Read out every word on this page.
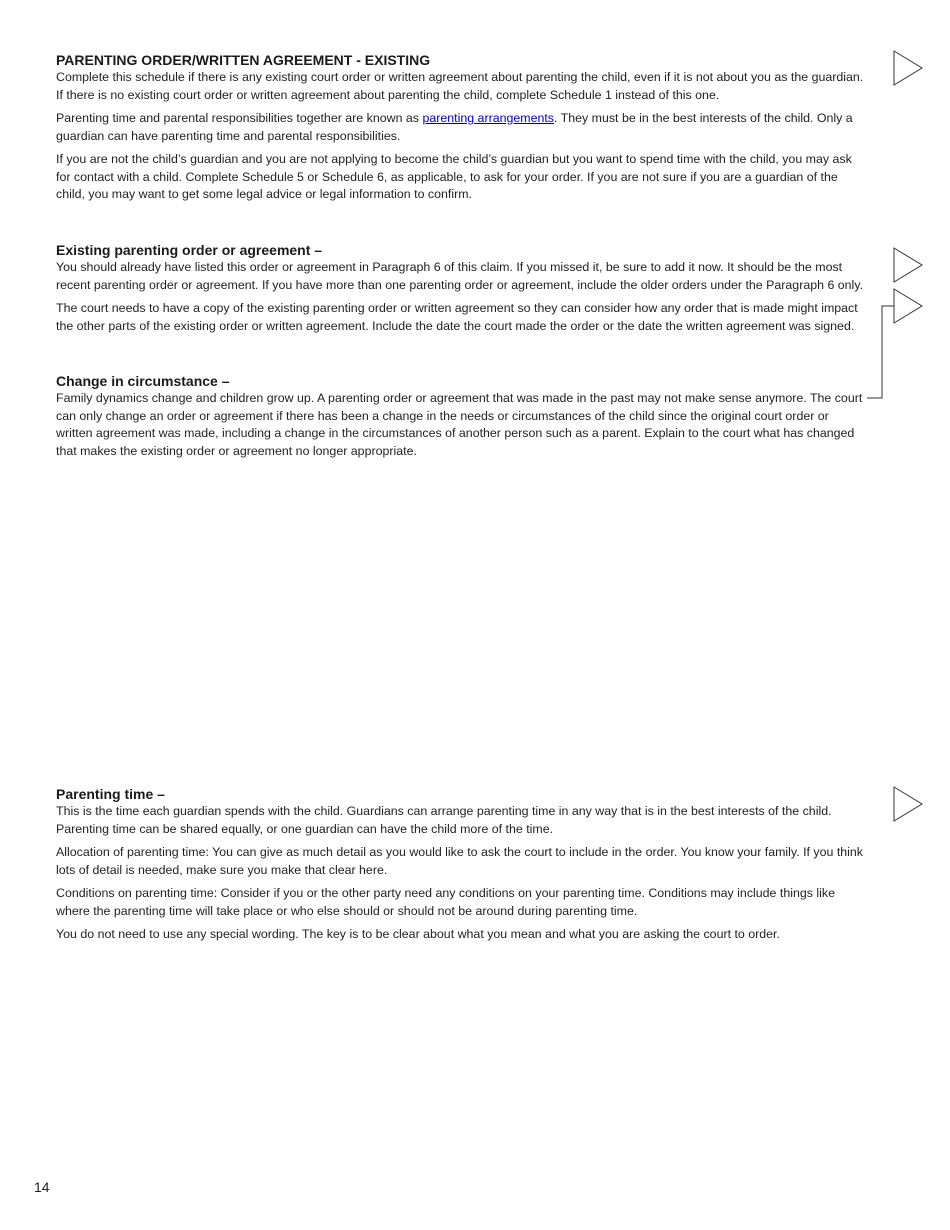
PARENTING ORDER/WRITTEN AGREEMENT - EXISTING

Complete this schedule if there is any existing court order or written agreement about parenting the child, even if it is not about you as the guardian. If there is no existing court order or written agreement about parenting the child, complete Schedule 1 instead of this one.

Parenting time and parental responsibilities together are known as parenting arrangements. They must be in the best interests of the child. Only a guardian can have parenting time and parental responsibilities.

If you are not the child’s guardian and you are not applying to become the child’s guardian but you want to spend time with the child, you may ask for contact with a child. Complete Schedule 5 or Schedule 6, as applicable, to ask for your order. If you are not sure if you are a guardian of the child, you may want to get some legal advice or legal information to confirm.

Existing parenting order or agreement –

You should already have listed this order or agreement in Paragraph 6 of this claim. If you missed it, be sure to add it now. It should be the most recent parenting order or agreement. If you have more than one parenting order or agreement, include the older orders under the Paragraph 6 only.

The court needs to have a copy of the existing parenting order or written agreement so they can consider how any order that is made might impact the other parts of the existing order or written agreement. Include the date the court made the order or the date the written agreement was signed.

Change in circumstance –

Family dynamics change and children grow up. A parenting order or agreement that was made in the past may not make sense anymore. The court can only change an order or agreement if there has been a change in the needs or circumstances of the child since the original court order or written agreement was made, including a change in the circumstances of another person such as a parent. Explain to the court what has changed that makes the existing order or agreement no longer appropriate.

Parenting time –

This is the time each guardian spends with the child. Guardians can arrange parenting time in any way that is in the best interests of the child. Parenting time can be shared equally, or one guardian can have the child more of the time.

Allocation of parenting time: You can give as much detail as you would like to ask the court to include in the order. You know your family. If you think lots of detail is needed, make sure you make that clear here.

Conditions on parenting time: Consider if you or the other party need any conditions on your parenting time. Conditions may include things like where the parenting time will take place or who else should or should not be around during parenting time.

You do not need to use any special wording. The key is to be clear about what you mean and what you are asking the court to order.

14
